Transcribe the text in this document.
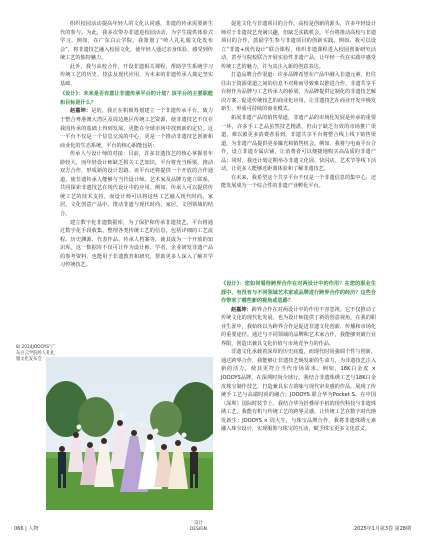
组织校园活动提高年轻人的文化认同感，非遗的传承需要新生代的参与。为此，我多次带办非遗进校园活动，为学生提供体验式学习。例如，在广东白云学院，我策划了“岭人礼礼服文化发布会”，将非遗技艺融入校园文化，使年轻人通过亲身体验，感受到传统工艺的独特魅力。

此外，我与高校合作，开设非遗相关课程，帮助学生系统学习传统工艺的历史、技法及现代应用，为未来的非遗传承人奠定坚实基础。

《设计》：未来是否有意让非遗传承平台的计划？该平台的主要职能和目标是什么？

赵嘉坤：是的，我正在积极筹划建立一个非遗传承平台，致力于整合粤港澳大湾区及周边地区传统工艺资源，使非遗技艺不仅在我国传承的基础上得到发展，更能在全球市场中找到新的定位。这一平台不仅是一个信息交流的中心，更是一个推动非遗技艺创新和商业化的生态系统，平台的核心职能包括：

传承人与设计师的对接：目前，许多非遗技艺的核心掌握者年龄较大，而年轻设计师缺乏相关工艺知识，平台将充当桥梁，推动双方合作，形成新的设计思路。该平台还将提供一个开放的合作通道，使非遗传承人能够与当代设计师、艺术家及品牌方建立联系，共同探索非遗技艺在现代设计中的应用。例如，传承人可以提供传统工艺的技术支持，而设计师可以将这些工艺融入现代时尚、家居、文化创意产品中，推动非遗与现代时尚、家居、文创领域的结合。

建立数字化非遗数据库，为了保护和传承非遗技艺，平台将通过数字化手段收集、整理各类传统工艺的信息，包括详细的工艺流程、历史渊源、代表作品、传承人档案等，使其成为一个开放的知识库。这一数据库不仅可让作为设计师、学者、企业研发非遗产品的参考资料，也能用于非遗教育和研究，帮助更多人深入了解并学习传统技艺。

8/ 2024JOOOYS“广东白云学院岭人礼礼服文化发布会

促进文化与非遗项目的合作，高校是创新的源头，许多年轻设计师对于非遗技艺充满兴趣，但缺乏实践机会。平台将推动高校与非遗项目的合作，鼓励学生参与非遗项目的创新实践。例如，我可以设立“非遗+现代设计”联合课程，组织非遗课程进入校园创新研究活动，甚至与院校联合开展实验性非遗产品，让年轻一代在实践中感受传统工艺的魅力，并为其注入新的创意表达。

打造品牌合作渠道：许多品牌希望在产品中融入非遗元素，但往往由于资源渠道之间的信息不对称而导致难以推进合作。非遗共享平台将作为品牌与工艺传承人的桥梁，为品牌提供定制化的非遗技艺解决方案，促进传统技艺的商业化应用，让非遗技艺在商业开发中焕发新生，形成可持续的商业模式。

拓展非遗产品的销售渠道，非遗产品的市场化发展是传承的重要一环，许多手工艺品虽然技艺精湛，但由于缺乏有效的市场推广渠道，难以被更多消费者看到。非遗共享平台将整合线上线下销售渠道，为非遗产品提供更多曝光和销售机会。例如，我将与电商平台合作，设立非遗专属店铺，让消费者可以便捷地购买高品质的非遗产品；同时，我还计划定期举办非遗文化展、快闪店、艺术节等线下活动，让更多人能够近距离体验和了解非遗技艺。

在未来，我希望这个共享平台不仅是一个非遗信息的集中心，还能发展成为一个综合性的非遗产业孵化平台。

《设计》：您如何看待跨界合作在对两设计中的作用？在您的职业生涯中，有没有与不同领域艺术家或品牌进行跨界合作的经历？这些合作带来了哪些新的视角或思路？

赵嘉坤：跨界合作在对两设计中的作用不容忽视。它不仅推动了传统文化的现代化发展，也为设计师提供了新的创意视角。在我的职业生涯中，我始终以为跨界合作是促进非遗文化创新、传播和市场化的重要途径。通过与不同领域的品牌和艺术家合作，我能够突破行业界限，创造出兼具文化价值与市场竞争力的作品。

非遗文化承载着深厚的历史底蕴，而现代时尚强调个性与创新，通过跨界合作，我能够让非遗技艺焕发新的生命力，为非遗技艺注入新的活力，使其更符合当代市场需求。例如，18K白金皮 × JOOOYS品牌，在深圳时尚全球行。我结合非遗珠绣工艺与18K白金皮珠宝制作技艺，打造兼具东方韵味与现代审美感的作品，展现了传统手工艺与高端时尚的融合；JOOOYS 联合华为Pocket S、在中国（深圳）国际时装节上，我结合华为折叠屏手机的现代科技与非遗珠绣工艺，我能有机与传统工艺的跨界灵感，让传统工艺在数字时代焕发新生；JOOOYS × 周大生，与珠宝品牌合作，我将非遗珠绣元素融入珠宝设计，实现服饰与珠宝的互动，赋予珠宝更多文化意义。

066 | 人物
设计
DESIGN	2025年1月第3卷 第28期
